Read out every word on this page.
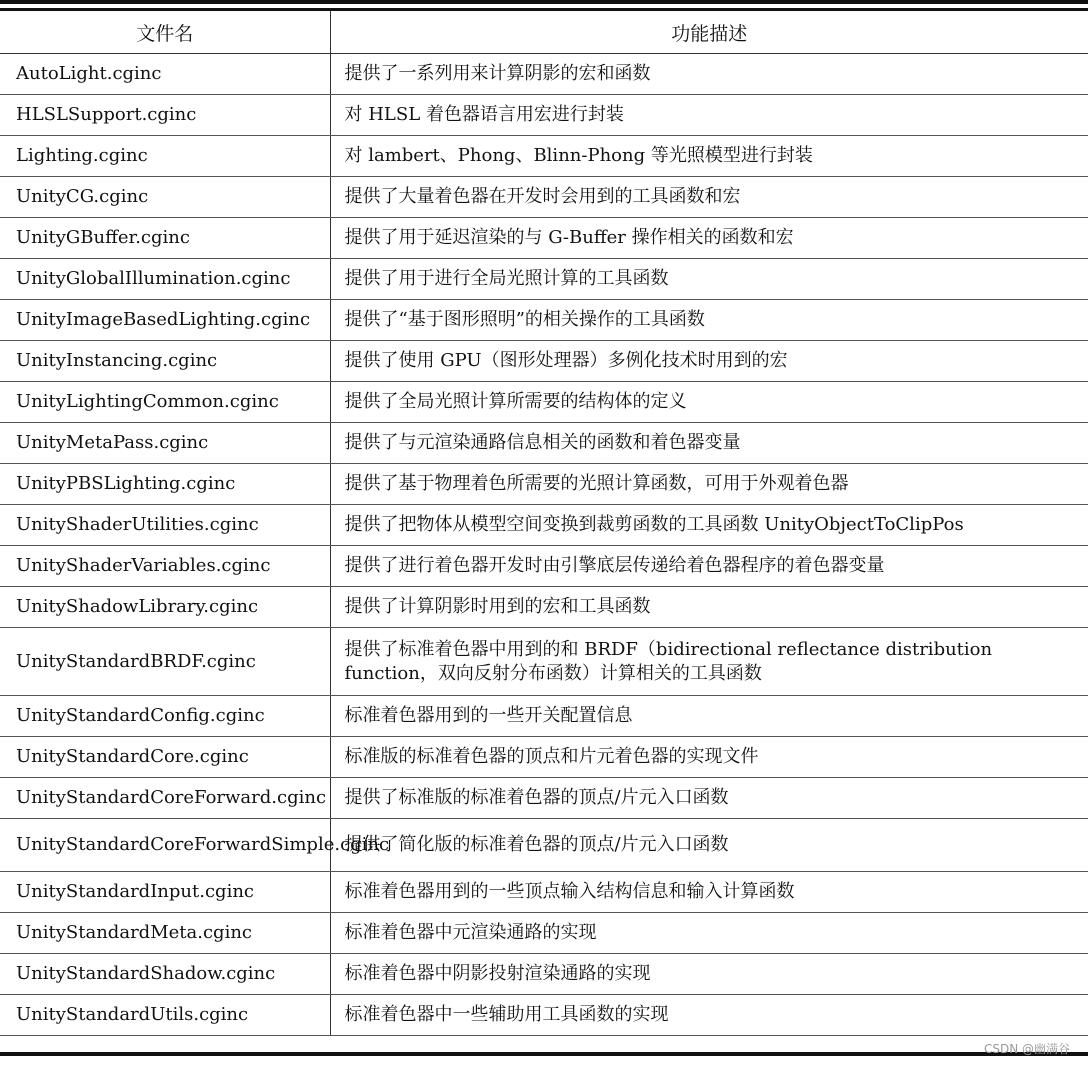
文件名	功能描述
AutoLight.cginc	提供了一系列用来计算阴影的宏和函数
HLSLSupport.cginc	对 HLSL 着色器语言用宏进行封装
Lighting.cginc	对 lambert、Phong、Blinn-Phong 等光照模型进行封装
UnityCG.cginc	提供了大量着色器在开发时会用到的工具函数和宏
UnityGBuffer.cginc	提供了用于延迟渲染的与 G-Buffer 操作相关的函数和宏
UnityGlobalIllumination.cginc	提供了用于进行全局光照计算的工具函数
UnityImageBasedLighting.cginc	提供了“基于图形照明”的相关操作的工具函数
UnityInstancing.cginc	提供了使用 GPU（图形处理器）多例化技术时用到的宏
UnityLightingCommon.cginc	提供了全局光照计算所需要的结构体的定义
UnityMetaPass.cginc	提供了与元渲染通路信息相关的函数和着色器变量
UnityPBSLighting.cginc	提供了基于物理着色所需要的光照计算函数，可用于外观着色器
UnityShaderUtilities.cginc	提供了把物体从模型空间变换到裁剪函数的工具函数 UnityObjectToClipPos
UnityShaderVariables.cginc	提供了进行着色器开发时由引擎底层传递给着色器程序的着色器变量
UnityShadowLibrary.cginc	提供了计算阴影时用到的宏和工具函数
UnityStandardBRDF.cginc	提供了标准着色器中用到的和 BRDF（bidirectional reflectance distribution function，双向反射分布函数）计算相关的工具函数
UnityStandardConfig.cginc	标准着色器用到的一些开关配置信息
UnityStandardCore.cginc	标准版的标准着色器的顶点和片元着色器的实现文件
UnityStandardCoreForward.cginc	提供了标准版的标准着色器的顶点/片元入口函数
UnityStandardCoreForwardSimple.cginc	提供了简化版的标准着色器的顶点/片元入口函数
UnityStandardInput.cginc	标准着色器用到的一些顶点输入结构信息和输入计算函数
UnityStandardMeta.cginc	标准着色器中元渲染通路的实现
UnityStandardShadow.cginc	标准着色器中阴影投射渲染通路的实现
UnityStandardUtils.cginc	标准着色器中一些辅助用工具函数的实现
CSDN @幽满谷
